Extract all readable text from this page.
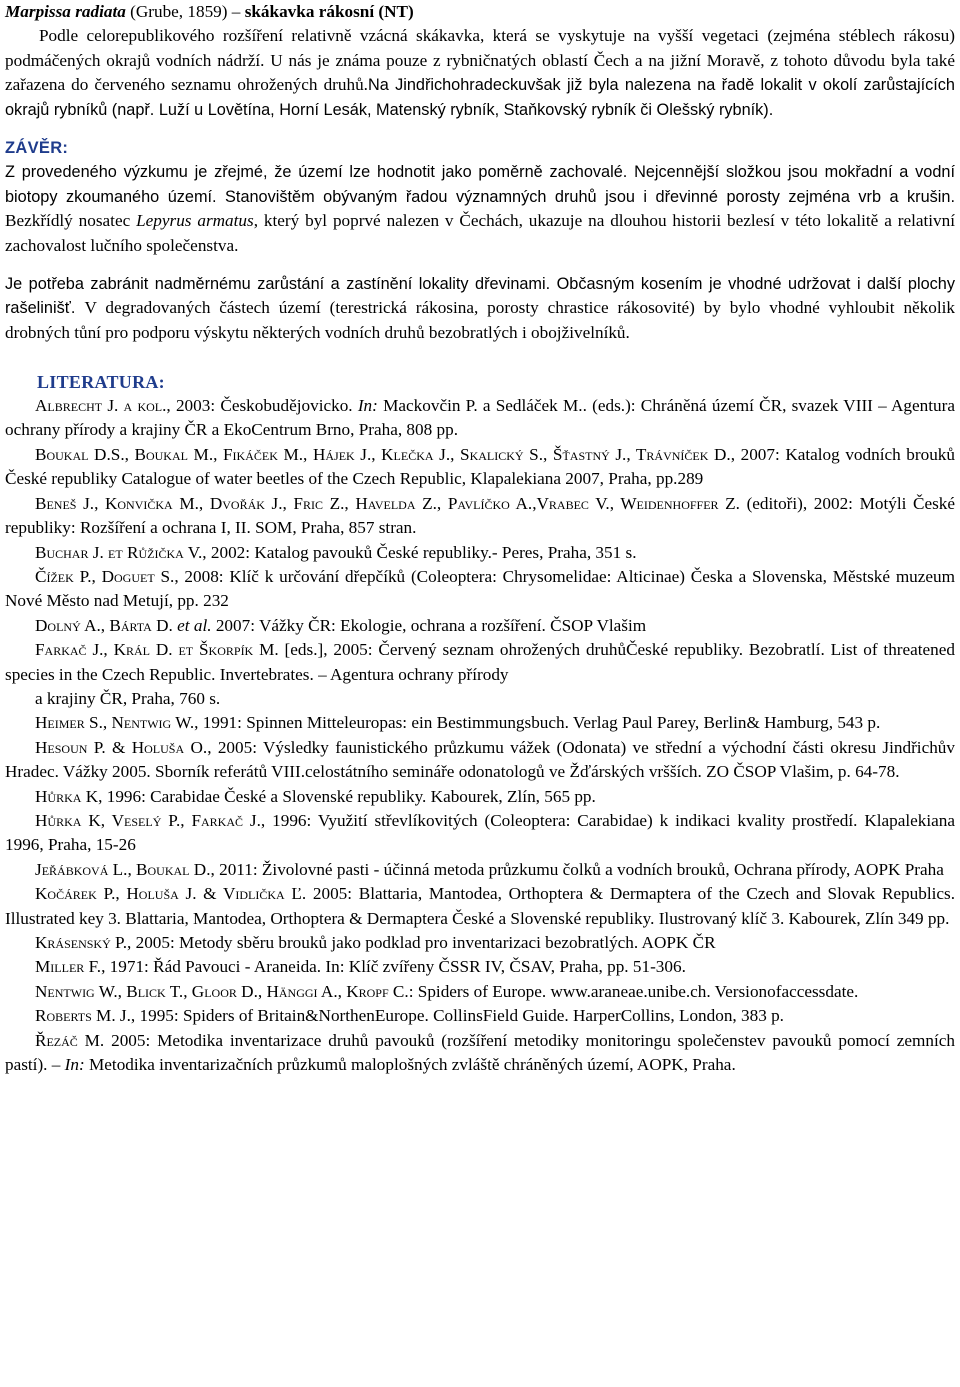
Marpissa radiata (Grube, 1859) – skákavka rákosní (NT)

Podle celorepublikového rozšíření relativně vzácná skákavka, která se vyskytuje na vyšší vegetaci (zejména stéblech rákosu) podmáčených okrajů vodních nádrží. U nás je známa pouze z rybničnatých oblastí Čech a na jižní Moravě, z tohoto důvodu byla také zařazena do červeného seznamu ohrožených druhů.Na Jindřichohradeckuvšak již byla nalezena na řadě lokalit v okolí zarůstajících okrajů rybníků (např. Luží u Lovětína, Horní Lesák, Matenský rybník, Staňkovský rybník či Olešský rybník).

ZÁVĚR:

Z provedeného výzkumu je zřejmé, že území lze hodnotit jako poměrně zachovalé. Nejcennější složkou jsou mokřadní a vodní biotopy zkoumaného území. Stanovištěm obývaným řadou významných druhů jsou i dřevinné porosty zejména vrb a krušin. Bezkřídlý nosatec Lepyrus armatus, který byl poprvé nalezen v Čechách, ukazuje na dlouhou historii bezlesí v této lokalitě a relativní zachovalost lučního společenstva.

Je potřeba zabránit nadměrnému zarůstání a zastínění lokality dřevinami. Občasným kosením je vhodné udržovat i další plochy rašelinišť. V degradovaných částech území (terestrická rákosina, porosty chrastice rákosovité) by bylo vhodné vyhloubit několik drobných tůní pro podporu výskytu některých vodních druhů bezobratlých i obojživelníků.

LITERATURA:

Albrecht J. a kol., 2003: Českobudějovicko. In: Mackovčin P. a Sedláček M.. (eds.): Chráněná území ČR, svazek VIII – Agentura ochrany přírody a krajiny ČR a EkoCentrum Brno, Praha, 808 pp.

Boukal D.S., Boukal M., Fikáček M., Hájek J., Klečka J., Skalický S., Šťastný J., Trávníček D., 2007: Katalog vodních brouků České republiky Catalogue of water beetles of the Czech Republic, Klapalekiana 2007, Praha, pp.289

Beneš J., Konvička M., Dvořák J., Fric Z., Havelda Z., Pavlíčko A.,Vrabec V., Weidenhoffer Z. (editoři), 2002: Motýli České republiky: Rozšíření a ochrana I, II. SOM, Praha, 857 stran.

Buchar J. et Růžička V., 2002: Katalog pavouků České republiky.- Peres, Praha, 351 s.

Čížek P., Doguet S., 2008: Klíč k určování dřepčíků (Coleoptera: Chrysomelidae: Alticinae) Česka a Slovenska, Městské muzeum Nové Město nad Metují, pp. 232

Dolný A., Bárta D. et al. 2007: Vážky ČR: Ekologie, ochrana a rozšíření. ČSOP Vlašim

Farkač J., Král D. et Škorpík M. [eds.], 2005: Červený seznam ohrožených druhůČeské republiky. Bezobratlí. List of threatened species in the Czech Republic. Invertebrates. – Agentura ochrany přírody

a krajiny ČR, Praha, 760 s.

Heimer S., Nentwig W., 1991: Spinnen Mitteleuropas: ein Bestimmungsbuch. Verlag Paul Parey, Berlin& Hamburg, 543 p.

Hesoun P. & Holuša O., 2005: Výsledky faunistického průzkumu vážek (Odonata) ve střední a východní části okresu Jindřichův Hradec. Vážky 2005. Sborník referátů VIII.celostátního semináře odonatologů ve Žďárských vršších. ZO ČSOP Vlašim, p. 64-78.

Hůrka K, 1996: Carabidae České a Slovenské republiky. Kabourek, Zlín, 565 pp.

Hůrka K, Veselý P., Farkač J., 1996: Využití střevlíkovitých (Coleoptera: Carabidae) k indikaci kvality prostředí. Klapalekiana 1996, Praha, 15-26

Jeřábková L., Boukal D., 2011: Živolovné pasti - účinná metoda průzkumu čolků a vodních brouků, Ochrana přírody, AOPK Praha

Kočárek P., Holuša J. & Vidlička Ľ. 2005: Blattaria, Mantodea, Orthoptera & Dermaptera of the Czech and Slovak Republics. Illustrated key 3. Blattaria, Mantodea, Orthoptera & Dermaptera České a Slovenské republiky. Ilustrovaný klíč 3. Kabourek, Zlín 349 pp.

Krásenský P., 2005: Metody sběru brouků jako podklad pro inventarizaci bezobratlých. AOPK ČR

Miller F., 1971: Řád Pavouci - Araneida. In: Klíč zvířeny ČSSR IV, ČSAV, Praha, pp. 51-306.

Nentwig W., Blick T., Gloor D., Hänggi A., Kropf C.: Spiders of Europe. www.araneae.unibe.ch. Versionofaccessdate.

Roberts M. J., 1995: Spiders of Britain&NorthenEurope. CollinsField Guide. HarperCollins, London, 383 p.

Řezáč M. 2005: Metodika inventarizace druhů pavouků (rozšíření metodiky monitoringu společenstev pavouků pomocí zemních pastí). – In: Metodika inventarizačních průzkumů maloplošných zvláště chráněných území, AOPK, Praha.
